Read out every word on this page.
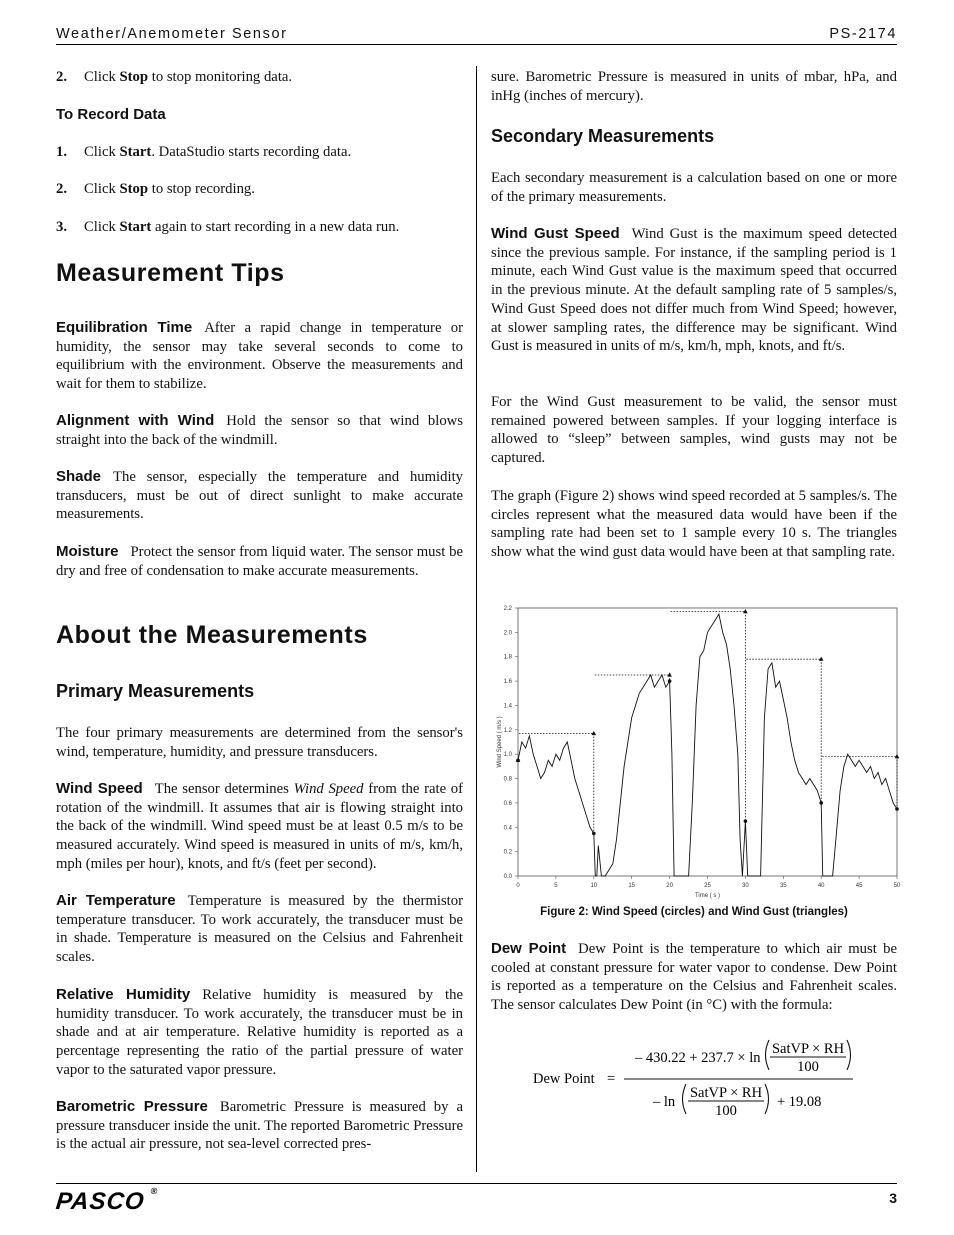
Weather/Anemometer Sensor	PS-2174

2. Click Stop to stop monitoring data.

To Record Data

1. Click Start. DataStudio starts recording data.

2. Click Stop to stop recording.

3. Click Start again to start recording in a new data run.

Measurement Tips

Equilibration Time After a rapid change in temperature or humidity, the sensor may take several seconds to come to equilibrium with the environment. Observe the measurements and wait for them to stabilize.

Alignment with Wind Hold the sensor so that wind blows straight into the back of the windmill.

Shade The sensor, especially the temperature and humidity transducers, must be out of direct sunlight to make accurate measurements.

Moisture Protect the sensor from liquid water. The sensor must be dry and free of condensation to make accurate measurements.

About the Measurements

Primary Measurements

The four primary measurements are determined from the sensor's wind, temperature, humidity, and pressure transducers.

Wind Speed The sensor determines Wind Speed from the rate of rotation of the windmill. It assumes that air is flowing straight into the back of the windmill. Wind speed must be at least 0.5 m/s to be measured accurately. Wind speed is measured in units of m/s, km/h, mph (miles per hour), knots, and ft/s (feet per second).

Air Temperature Temperature is measured by the thermistor temperature transducer. To work accurately, the transducer must be in shade. Temperature is measured on the Celsius and Fahrenheit scales.

Relative Humidity Relative humidity is measured by the humidity transducer. To work accurately, the transducer must be in shade and at air temperature. Relative humidity is reported as a percentage representing the ratio of the partial pressure of water vapor to the saturated vapor pressure.

Barometric Pressure Barometric Pressure is measured by a pressure transducer inside the unit. The reported Barometric Pressure is the actual air pressure, not sea-level corrected pres-

sure. Barometric Pressure is measured in units of mbar, hPa, and inHg (inches of mercury).

Secondary Measurements

Each secondary measurement is a calculation based on one or more of the primary measurements.

Wind Gust Speed Wind Gust is the maximum speed detected since the previous sample. For instance, if the sampling period is 1 minute, each Wind Gust value is the maximum speed that occurred in the previous minute. At the default sampling rate of 5 samples/s, Wind Gust Speed does not differ much from Wind Speed; however, at slower sampling rates, the difference may be significant. Wind Gust is measured in units of m/s, km/h, mph, knots, and ft/s.

For the Wind Gust measurement to be valid, the sensor must remained powered between samples. If your logging interface is allowed to “sleep” between samples, wind gusts may not be captured.

The graph (Figure 2) shows wind speed recorded at 5 samples/s. The circles represent what the measured data would have been if the sampling rate had been set to 1 sample every 10 s. The triangles show what the wind gust data would have been at that sampling rate.

0	5	10	15	20	25	30	35	40	45	50
0.0
0.2
0.4
0.6
0.8
1.0
1.2
1.4
1.6
1.8
2.0
2.2
Time ( s )
Wind Speed ( m/s )
Figure 2: Wind Speed (circles) and Wind Gust (triangles)

Dew Point Dew Point is the temperature to which air must be cooled at constant pressure for water vapor to condense. Dew Point is reported as a temperature on the Celsius and Fahrenheit scales. The sensor calculates Dew Point (in °C) with the formula:

Dew Point =
– 430.22 + 237.7 × ln
SatVP × RH
100
– ln
SatVP × RH
100
+ 19.08
PASCO ®	3
